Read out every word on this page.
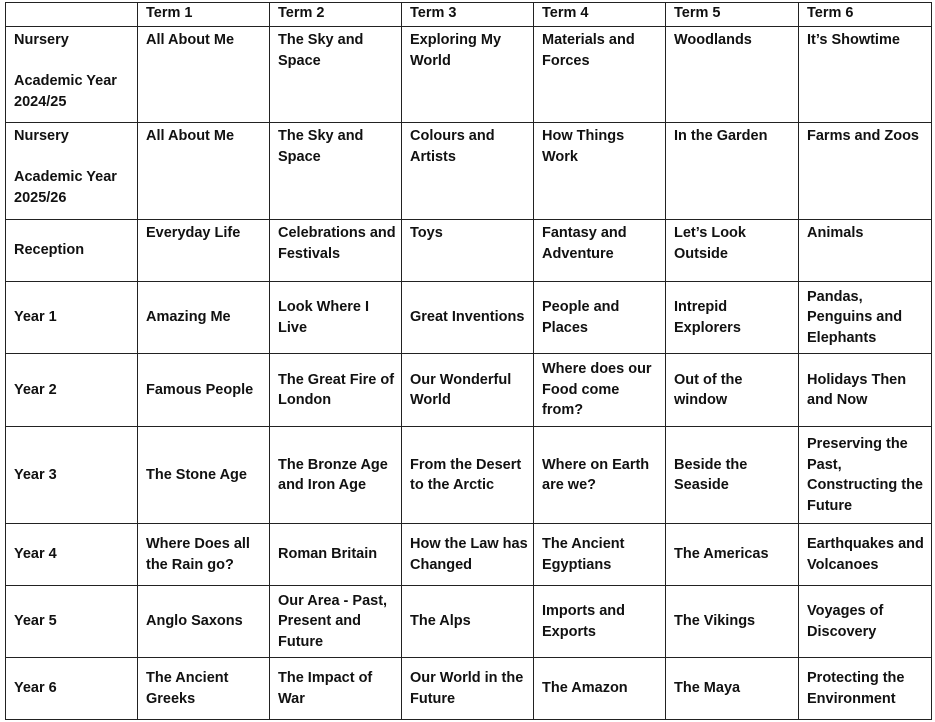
	Term 1	Term 2	Term 3	Term 4	Term 5	Term 6

Nursery
Academic Year 2024/25	All About Me	The Sky and Space	Exploring My World	Materials and Forces	Woodlands	It’s Showtime

Nursery
Academic Year 2025/26	All About Me	The Sky and Space	Colours and Artists	How Things Work	In the Garden	Farms and Zoos
Reception	Everyday Life	Celebrations and Festivals	Toys	Fantasy and Adventure	Let’s Look Outside	Animals
Year 1	Amazing Me	Look Where I Live	Great Inventions	People and Places	Intrepid Explorers	Pandas, Penguins and Elephants
Year 2	Famous People	The Great Fire of London	Our Wonderful World	Where does our Food come from?	Out of the window	Holidays Then and Now
Year 3	The Stone Age	The Bronze Age and Iron Age	From the Desert to the Arctic	Where on Earth are we?	Beside the Seaside	Preserving the Past, Constructing the Future
Year 4	Where Does all the Rain go?	Roman Britain	How the Law has Changed	The Ancient Egyptians	The Americas	Earthquakes and Volcanoes
Year 5	Anglo Saxons	Our Area - Past, Present and Future	The Alps	Imports and Exports	The Vikings	Voyages of Discovery
Year 6	The Ancient Greeks	The Impact of War	Our World in the Future	The Amazon	The Maya	Protecting the Environment
